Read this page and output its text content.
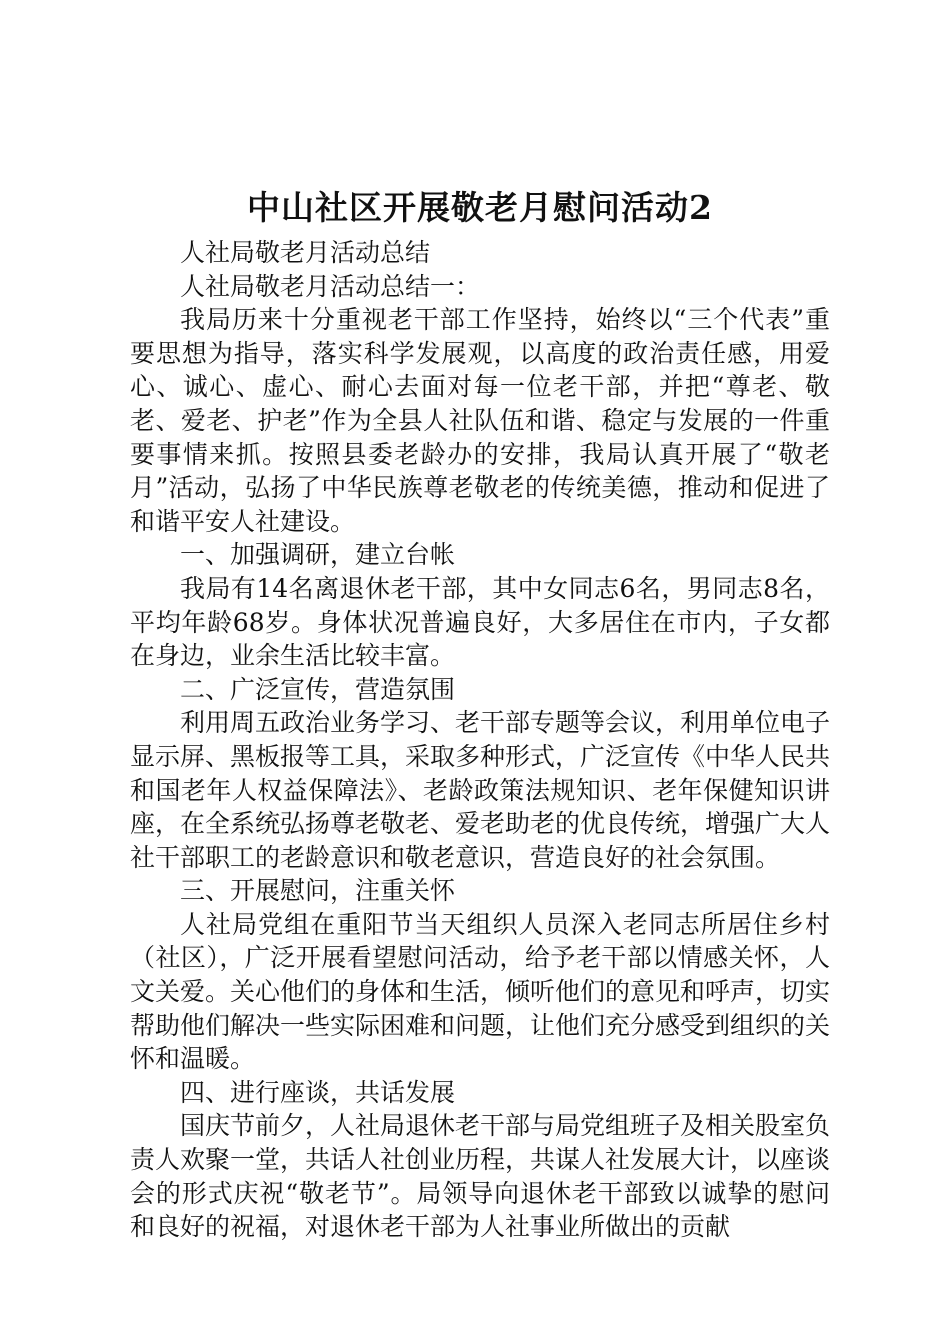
中山社区开展敬老月慰问活动2

人社局敬老月活动总结

人社局敬老月活动总结一：

我局历来十分重视老干部工作坚持，始终以“三个代表”重要思想为指导，落实科学发展观，以高度的政治责任感，用爱心、诚心、虚心、耐心去面对每一位老干部，并把“尊老、敬老、爱老、护老”作为全县人社队伍和谐、稳定与发展的一件重要事情来抓。按照县委老龄办的安排，我局认真开展了“敬老月”活动，弘扬了中华民族尊老敬老的传统美德，推动和促进了和谐平安人社建设。

一、加强调研，建立台帐

我局有14名离退休老干部，其中女同志6名，男同志8名，平均年龄68岁。身体状况普遍良好，大多居住在市内，子女都在身边，业余生活比较丰富。

二、广泛宣传，营造氛围

利用周五政治业务学习、老干部专题等会议，利用单位电子显示屏、黑板报等工具，采取多种形式，广泛宣传《中华人民共和国老年人权益保障法》、老龄政策法规知识、老年保健知识讲座，在全系统弘扬尊老敬老、爱老助老的优良传统，增强广大人社干部职工的老龄意识和敬老意识，营造良好的社会氛围。

三、开展慰问，注重关怀

人社局党组在重阳节当天组织人员深入老同志所居住乡村（社区），广泛开展看望慰问活动，给予老干部以情感关怀，人文关爱。关心他们的身体和生活，倾听他们的意见和呼声，切实帮助他们解决一些实际困难和问题，让他们充分感受到组织的关怀和温暖。

四、进行座谈，共话发展

国庆节前夕，人社局退休老干部与局党组班子及相关股室负责人欢聚一堂，共话人社创业历程，共谋人社发展大计，以座谈会的形式庆祝“敬老节”。局领导向退休老干部致以诚挚的慰问和良好的祝福，对退休老干部为人社事业所做出的贡献
